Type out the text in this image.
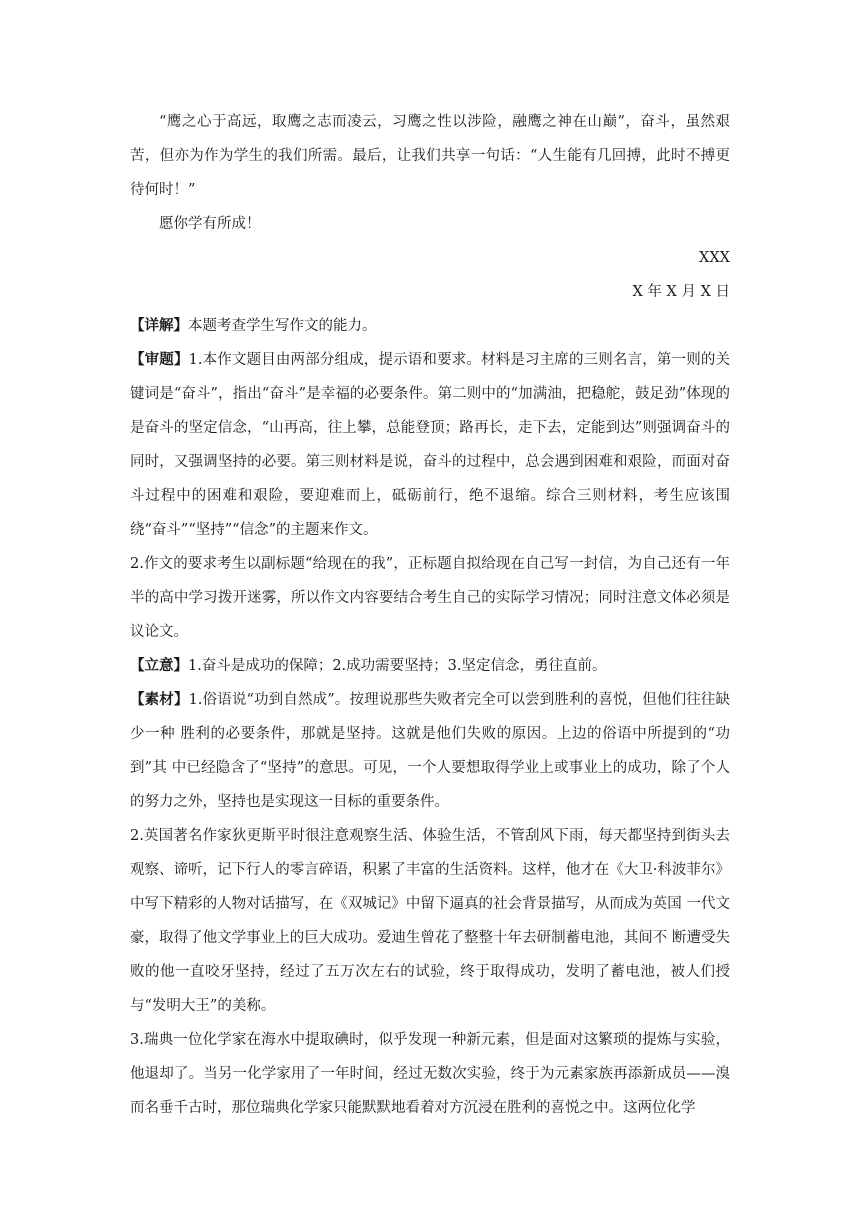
“鹰之心于高远，取鹰之志而凌云，习鹰之性以涉险，融鹰之神在山巅”，奋斗，虽然艰苦，但亦为作为学生的我们所需。最后，让我们共享一句话：“人生能有几回搏，此时不搏更待何时！”

愿你学有所成！

XXX

X 年 X 月 X 日

【详解】本题考查学生写作文的能力。

【审题】1.本作文题目由两部分组成，提示语和要求。材料是习主席的三则名言，第一则的关键词是“奋斗”，指出“奋斗”是幸福的必要条件。第二则中的“加满油，把稳舵，鼓足劲”体现的是奋斗的坚定信念，“山再高，往上攀，总能登顶；路再长，走下去，定能到达”则强调奋斗的同时，又强调坚持的必要。第三则材料是说，奋斗的过程中，总会遇到困难和艰险，而面对奋斗过程中的困难和艰险，要迎难而上，砥砺前行，绝不退缩。综合三则材料，考生应该围绕“奋斗”“坚持”“信念”的主题来作文。

2.作文的要求考生以副标题“给现在的我”，正标题自拟给现在自己写一封信，为自己还有一年半的高中学习拨开迷雾，所以作文内容要结合考生自己的实际学习情况；同时注意文体必须是议论文。

【立意】1.奋斗是成功的保障；2.成功需要坚持；3.坚定信念，勇往直前。

【素材】1.俗语说“功到自然成”。按理说那些失败者完全可以尝到胜利的喜悦，但他们往往缺少一种 胜利的必要条件，那就是坚持。这就是他们失败的原因。上边的俗语中所提到的“功到”其 中已经隐含了“坚持”的意思。可见，一个人要想取得学业上或事业上的成功，除了个人的努力之外，坚持也是实现这一目标的重要条件。

2.英国著名作家狄更斯平时很注意观察生活、体验生活，不管刮风下雨，每天都坚持到街头去观察、谛听，记下行人的零言碎语，积累了丰富的生活资料。这样，他才在《大卫·科波菲尔》中写下精彩的人物对话描写，在《双城记》中留下逼真的社会背景描写，从而成为英国 一代文豪，取得了他文学事业上的巨大成功。爱迪生曾花了整整十年去研制蓄电池，其间不 断遭受失败的他一直咬牙坚持，经过了五万次左右的试验，终于取得成功，发明了蓄电池，被人们授与“发明大王”的美称。

3.瑞典一位化学家在海水中提取碘时，似乎发现一种新元素，但是面对这繁琐的提炼与实验，他退却了。当另一化学家用了一年时间，经过无数次实验，终于为元素家族再添新成员——溴而名垂千古时，那位瑞典化学家只能默默地看着对方沉浸在胜利的喜悦之中。这两位化学
